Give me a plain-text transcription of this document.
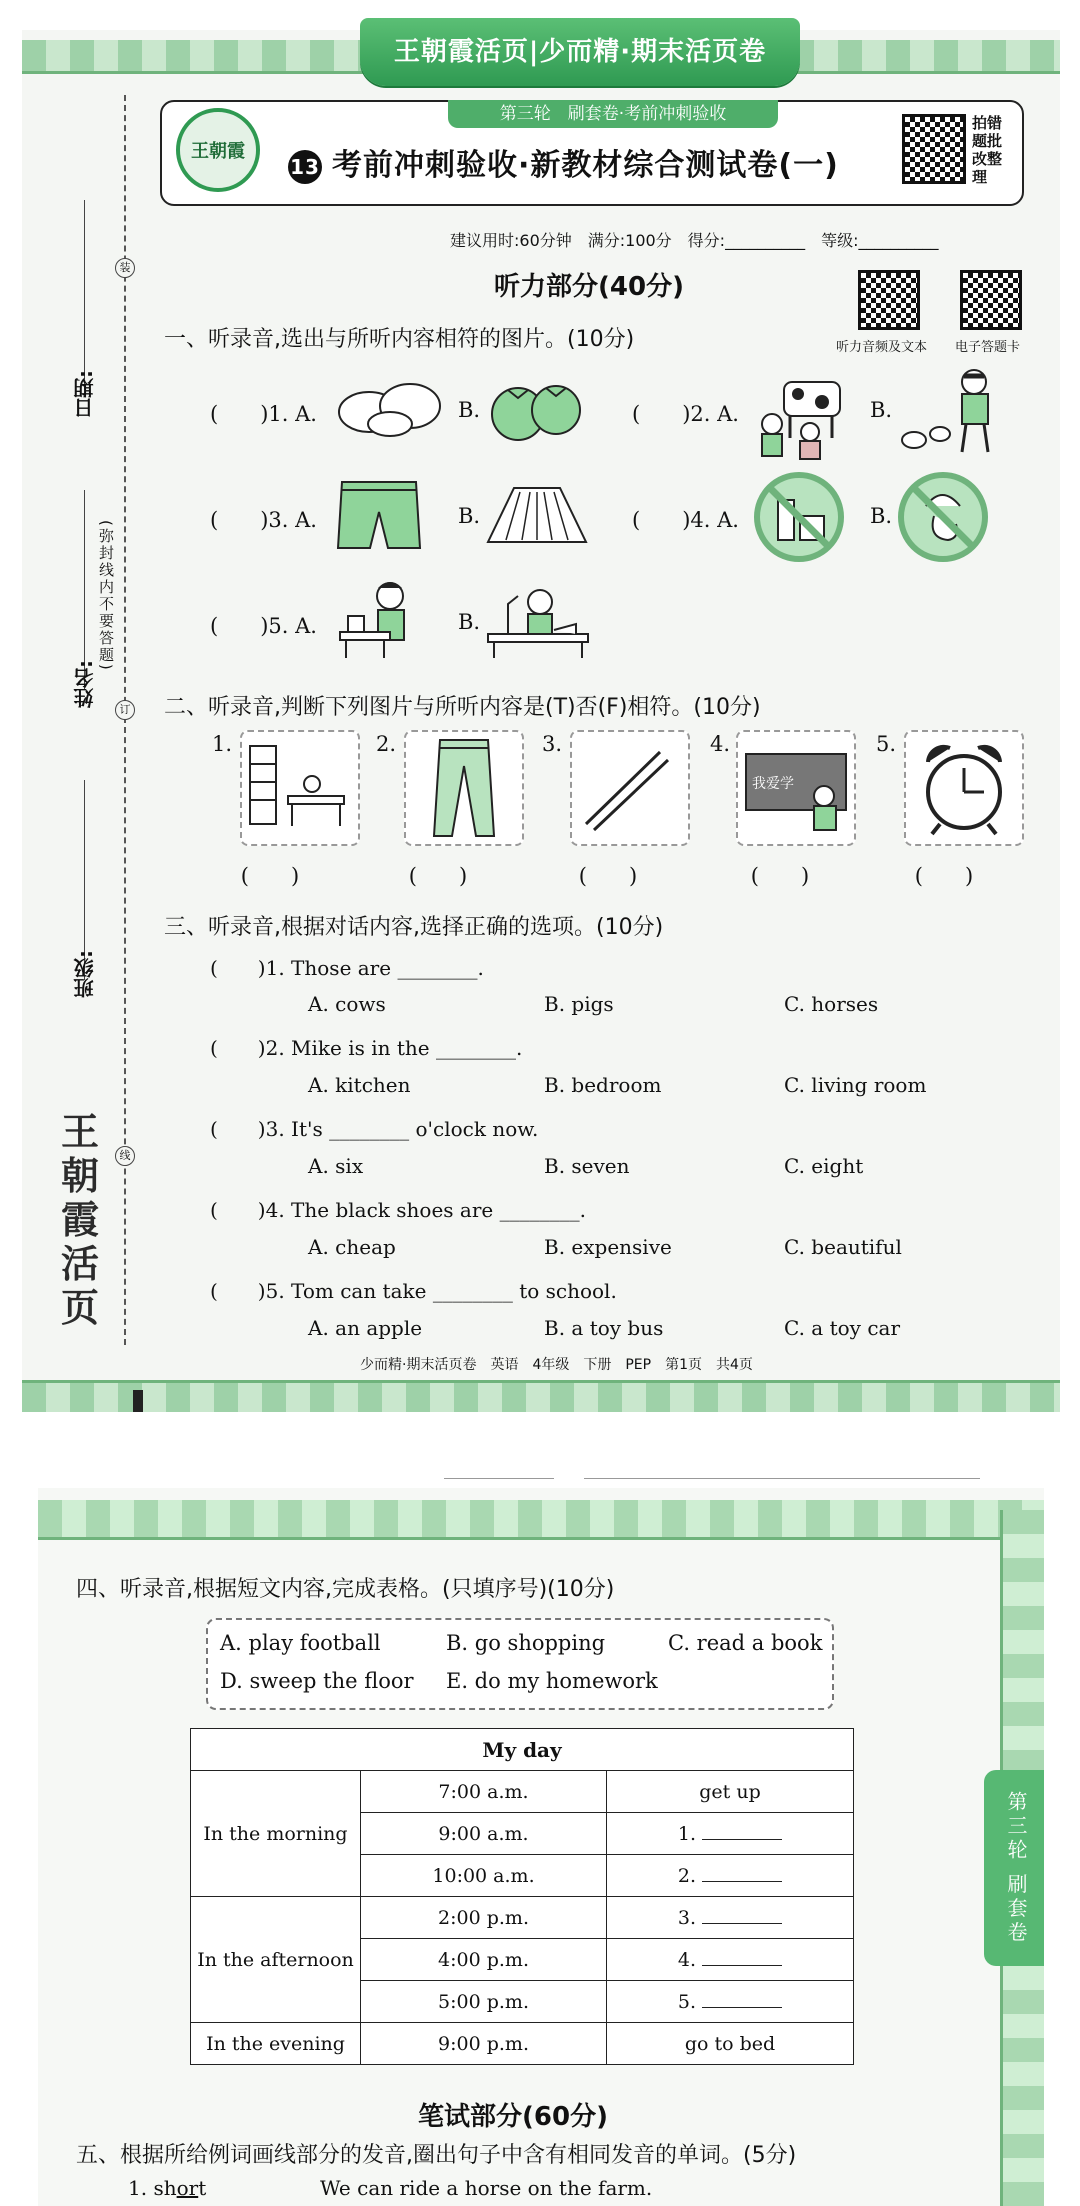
王朝霞活页|少而精·期末活页卷
第三轮　刷套卷·考前冲刺验收
王朝霞
13 考前冲刺验收·新教材综合测试卷(一)
拍错题批改整理
建议用时:60分钟　满分:100分　得分:__________　等级:__________
听力部分(40分)
听力音频及文本 电子答题卡
日期:
姓名:
(弥封线内不要答题)
班级:
装
订
线
王朝霞活页
一、听录音,选出与所听内容相符的图片。(10分)
(　　)1. A.	B.	(　　)2. A.	B.
(　　)3. A.	B.	(　　)4. A.	B.
(　　)5. A.	B.
二、听录音,判断下列图片与所听内容是(T)否(F)相符。(10分)
1.	2.	3.	4.
我爱学
5.
(　　)	(　　)	(　　)	(　　)	(　　)
三、听录音,根据对话内容,选择正确的选项。(10分)
(　　)1. Those are ________.
A. cows	B. pigs	C. horses
(　　)2. Mike is in the ________.
A. kitchen	B. bedroom	C. living room
(　　)3. It's ________ o'clock now.
A. six	B. seven	C. eight
(　　)4. The black shoes are ________.
A. cheap	B. expensive	C. beautiful
(　　)5. Tom can take ________ to school.
A. an apple	B. a toy bus	C. a toy car
少而精·期末活页卷　英语　4年级　下册　PEP　第1页　共4页
第三轮 刷套卷
四、听录音,根据短文内容,完成表格。(只填序号)(10分)
A. play football	B. go shopping	C. read a book
D. sweep the floor E. do my homework
My day		
In the morning	7:00 a.m.	get up
	9:00 a.m.	1.
	10:00 a.m.	2.
In the afternoon	2:00 p.m.	3.
	4:00 p.m.	4.
	5:00 p.m.	5.
In the evening	9:00 p.m.	go to bed
笔试部分(60分)
五、根据所给例词画线部分的发音,圈出句子中含有相同发音的单词。(5分)
1. short	We can ride a horse on the farm.
